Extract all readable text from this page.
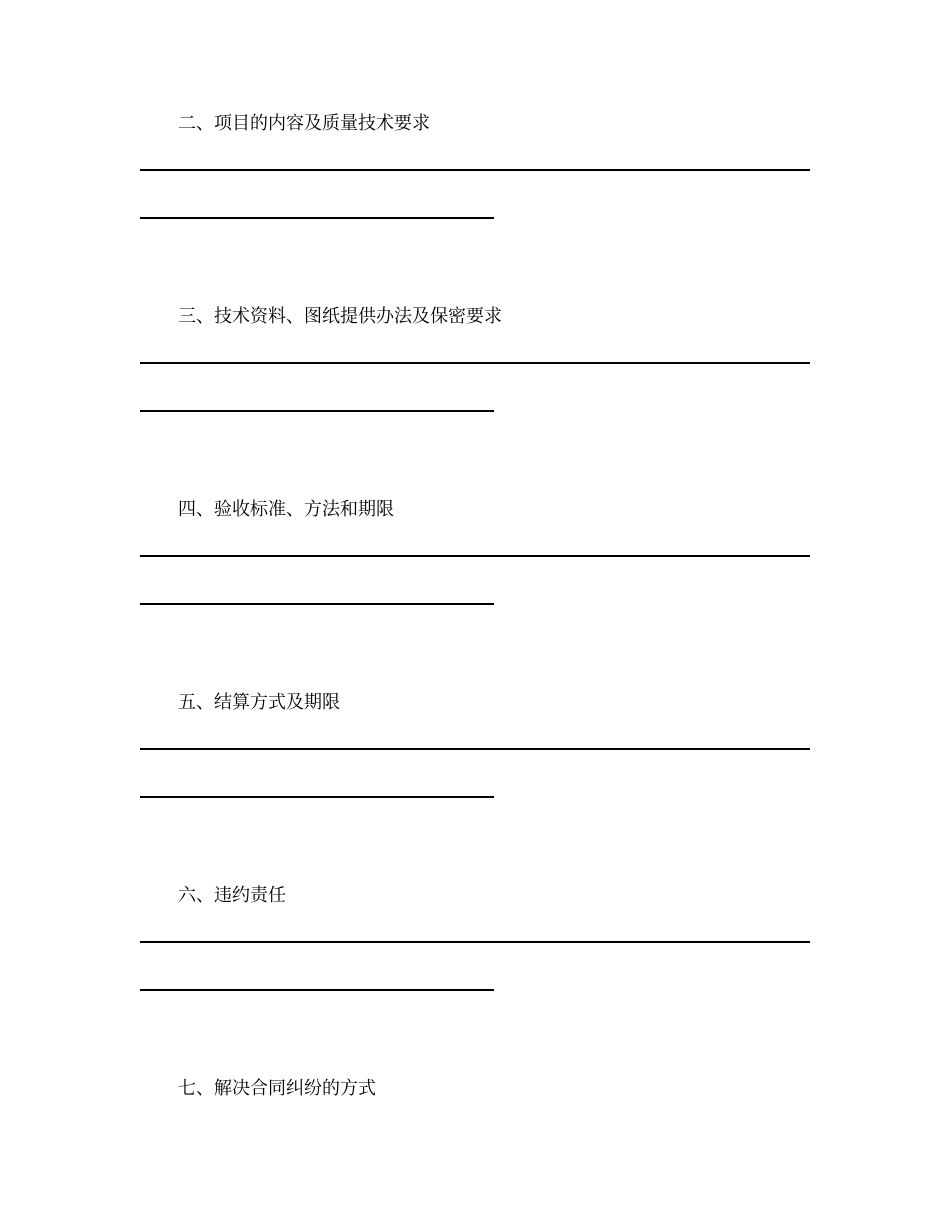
二、项目的内容及质量技术要求
三、技术资料、图纸提供办法及保密要求
四、验收标准、方法和期限
五、结算方式及期限
六、违约责任
七、解决合同纠纷的方式
